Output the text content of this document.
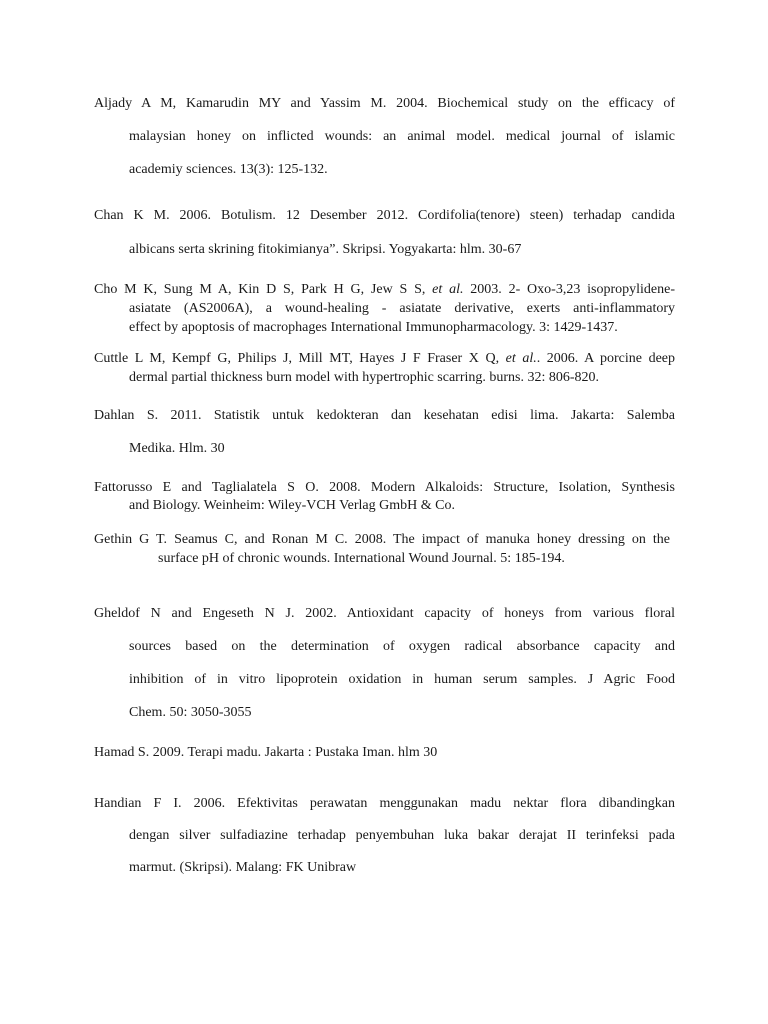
Aljady A M, Kamarudin MY and Yassim M. 2004. Biochemical study on the efficacy of
malaysian honey on inflicted wounds: an animal model. medical journal of islamic
academiy sciences. 13(3): 125-132.
Chan K M. 2006. Botulism. 12 Desember 2012. Cordifolia(tenore) steen) terhadap candida
albicans serta skrining fitokimianya”. Skripsi. Yogyakarta: hlm. 30-67
Cho M K, Sung M A, Kin D S, Park H G, Jew S S, et al. 2003. 2- Oxo-3,23 isopropylidene-
asiatate (AS2006A), a wound-healing - asiatate derivative, exerts anti-inflammatory
effect by apoptosis of macrophages International Immunopharmacology. 3: 1429-1437.
Cuttle L M, Kempf G, Philips J, Mill MT, Hayes J F Fraser X Q, et al.. 2006. A porcine deep
dermal partial thickness burn model with hypertrophic scarring. burns. 32: 806-820.
Dahlan S. 2011. Statistik untuk kedokteran dan kesehatan edisi lima. Jakarta: Salemba
Medika. Hlm. 30
Fattorusso E and Taglialatela S O. 2008. Modern Alkaloids: Structure, Isolation, Synthesis
and Biology. Weinheim: Wiley-VCH Verlag GmbH & Co.
Gethin G T. Seamus C, and Ronan M C. 2008. The impact of manuka honey dressing on the
surface pH of chronic wounds. International Wound Journal. 5: 185-194.
Gheldof N and Engeseth N J. 2002. Antioxidant capacity of honeys from various floral
sources based on the determination of oxygen radical absorbance capacity and
inhibition of in vitro lipoprotein oxidation in human serum samples. J Agric Food
Chem. 50: 3050-3055
Hamad S. 2009. Terapi madu. Jakarta : Pustaka Iman. hlm 30
Handian F I. 2006. Efektivitas perawatan menggunakan madu nektar flora dibandingkan
dengan silver sulfadiazine terhadap penyembuhan luka bakar derajat II terinfeksi pada
marmut. (Skripsi). Malang: FK Unibraw
